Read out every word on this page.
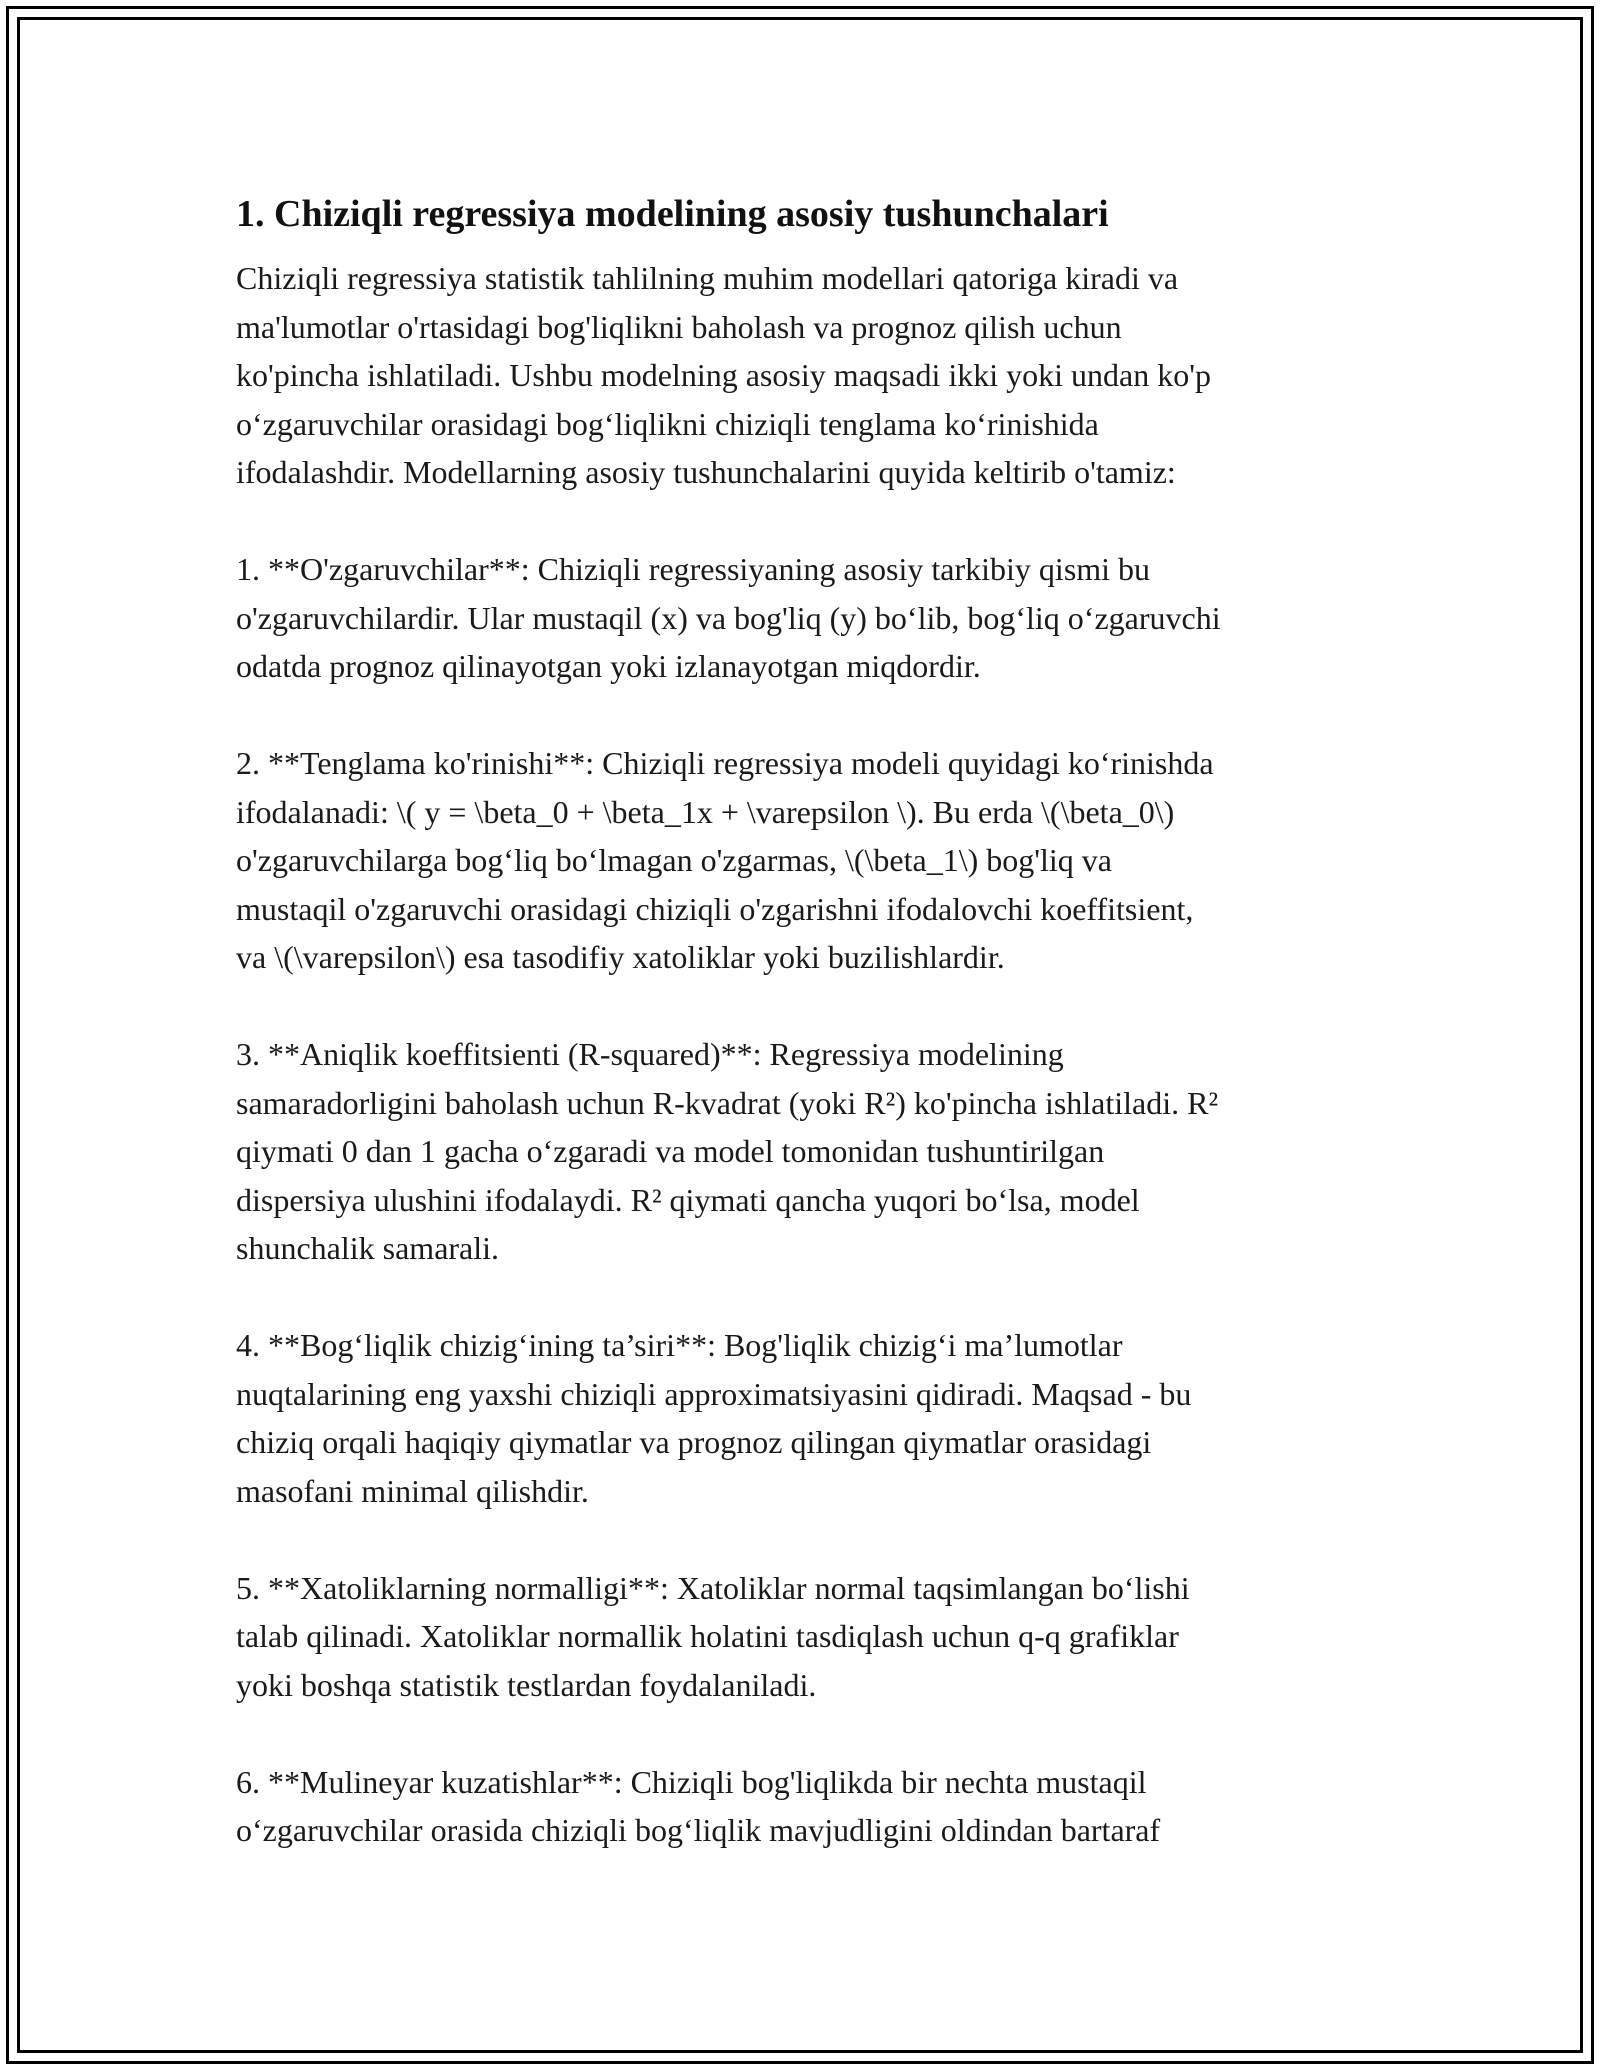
1. Chiziqli regressiya modelining asosiy tushunchalari
Chiziqli regressiya statistik tahlilning muhim modellari qatoriga kiradi va
ma'lumotlar o'rtasidagi bog'liqlikni baholash va prognoz qilish uchun
ko'pincha ishlatiladi. Ushbu modelning asosiy maqsadi ikki yoki undan ko'p
o‘zgaruvchilar orasidagi bog‘liqlikni chiziqli tenglama ko‘rinishida
ifodalashdir. Modellarning asosiy tushunchalarini quyida keltirib o'tamiz:
1. **O'zgaruvchilar**: Chiziqli regressiyaning asosiy tarkibiy qismi bu
o'zgaruvchilardir. Ular mustaqil (x) va bog'liq (y) bo‘lib, bog‘liq o‘zgaruvchi
odatda prognoz qilinayotgan yoki izlanayotgan miqdordir.
2. **Tenglama ko'rinishi**: Chiziqli regressiya modeli quyidagi ko‘rinishda
ifodalanadi: \( y = \beta_0 + \beta_1x + \varepsilon \). Bu erda \(\beta_0\)
o'zgaruvchilarga bog‘liq bo‘lmagan o'zgarmas, \(\beta_1\) bog'liq va
mustaqil o'zgaruvchi orasidagi chiziqli o'zgarishni ifodalovchi koeffitsient,
va \(\varepsilon\) esa tasodifiy xatoliklar yoki buzilishlardir.
3. **Aniqlik koeffitsienti (R-squared)**: Regressiya modelining
samaradorligini baholash uchun R-kvadrat (yoki R²) ko'pincha ishlatiladi. R²
qiymati 0 dan 1 gacha o‘zgaradi va model tomonidan tushuntirilgan
dispersiya ulushini ifodalaydi. R² qiymati qancha yuqori bo‘lsa, model
shunchalik samarali.
4. **Bog‘liqlik chizig‘ining ta’siri**: Bog'liqlik chizig‘i ma’lumotlar
nuqtalarining eng yaxshi chiziqli approximatsiyasini qidiradi. Maqsad - bu
chiziq orqali haqiqiy qiymatlar va prognoz qilingan qiymatlar orasidagi
masofani minimal qilishdir.
5. **Xatoliklarning normalligi**: Xatoliklar normal taqsimlangan bo‘lishi
talab qilinadi. Xatoliklar normallik holatini tasdiqlash uchun q-q grafiklar
yoki boshqa statistik testlardan foydalaniladi.
6. **Mulineyar kuzatishlar**: Chiziqli bog'liqlikda bir nechta mustaqil
o‘zgaruvchilar orasida chiziqli bog‘liqlik mavjudligini oldindan bartaraf
